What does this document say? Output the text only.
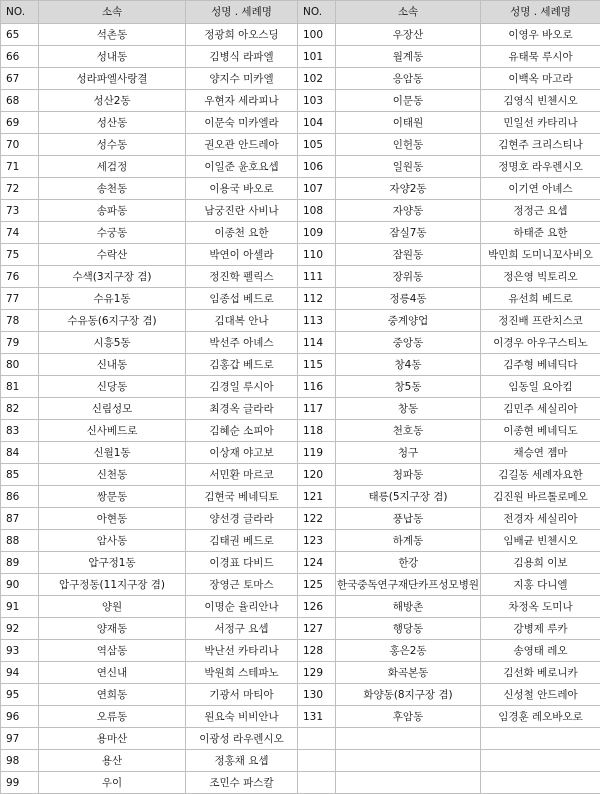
NO.	소속	성명 . 세례명	NO.	소속	성명 . 세례명
65	석촌동	정광희 아오스딩	100	우장산	이영우 바오로
66	성내동	김병식 라파엘	101	월계동	유태묵 루시아
67	성라파엘사랑결	양지수 미카엘	102	응암동	이백옥 마고라
68	성산2동	우현자 세라피나	103	이문동	김영식 빈첸시오
69	성산동	이문숙 미카엘라	104	이태원	민일선 카타리나
70	성수동	권오관 안드레아	105	인헌동	김현주 크리스티나
71	세검정	이일준 윤호요셉	106	일원동	정명호 라우렌시오
72	송천동	이용국 바오로	107	자양2동	이기연 아녜스
73	송파동	남궁진란 사비나	108	자양동	정정근 요셉
74	수궁동	이종천 요한	109	잠실7동	하태준 요한
75	수락산	박연이 아셀라	110	잠원동	박민희 도미니꼬사비오
76	수색(3지구장 겸)	정진학 펠릭스	111	장위동	정은영 빅토리오
77	수유1동	임종섭 베드로	112	정릉4동	유선희 베드로
78	수유동(6지구장 겸)	김대복 안나	113	중계양업	정진배 프란치스코
79	시흥5동	박선주 아녜스	114	중앙동	이경우 아우구스티노
80	신내동	김홍갑 베드로	115	창4동	김주형 베네딕다
81	신당동	김경일 루시아	116	창5동	임동일 요아킴
82	신림성모	최경옥 글라라	117	창동	김민주 세실리아
83	신사베드로	김혜순 소피아	118	천호동	이종현 베네딕도
84	신월1동	이상재 야고보	119	청구	채승연 젬마
85	신천동	서민환 마르코	120	청파동	김길동 세례자요한
86	쌍문동	김현국 베네딕토	121	태릉(5지구장 겸)	김진원 바르톨로메오
87	아현동	양선경 글라라	122	풍납동	전경자 세실리아
88	암사동	김태권 베드로	123	하계동	임배균 빈첸시오
89	압구정1동	이경표 다비드	124	한강	김용희 이보
90	압구정동(11지구장 겸)	장영근 토마스	125	한국중독연구재단카프성모병원	지홍 다니엘
91	양원	이명순 율리안나	126	해방촌	차정옥 도미나
92	양재동	서정구 요셉	127	행당동	강병제 루카
93	역삼동	박난선 카타리나	128	홍은2동	송영태 레오
94	연신내	박원희 스테파노	129	화곡본동	김선화 베로니카
95	연희동	기광서 마티아	130	화양동(8지구장 겸)	신성철 안드레아
96	오류동	원요숙 비비안나	131	후암동	임경훈 레오바오로
97	용마산	이광성 라우렌시오			
98	용산	정홍채 요셉			
99	우이	조민수 파스칼			
